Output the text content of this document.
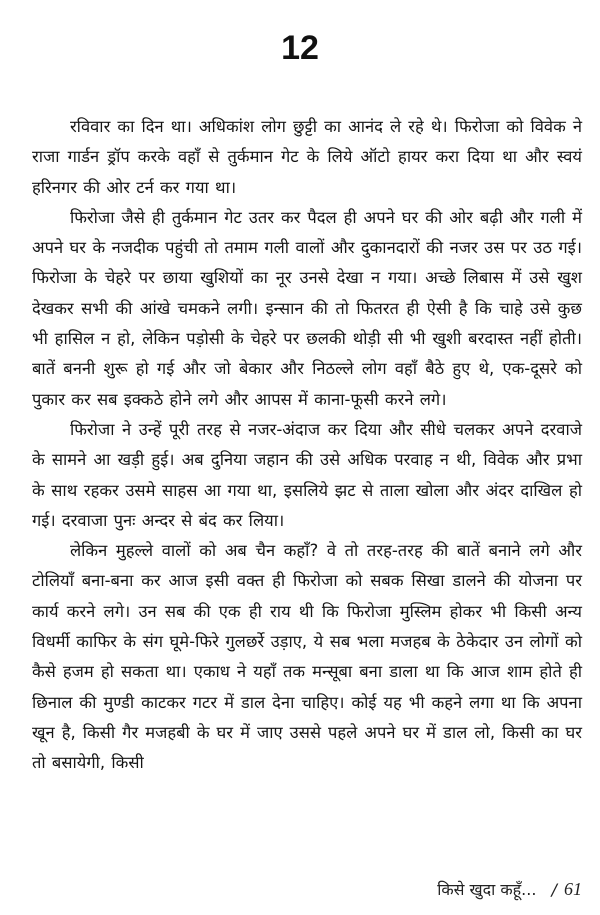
12

रविवार का दिन था। अधिकांश लोग छुट्टी का आनंद ले रहे थे। फिरोजा को विवेक ने राजा गार्डन ड्रॉप करके वहाँ से तुर्कमान गेट के लिये ऑटो हायर करा दिया था और स्वयं हरिनगर की ओर टर्न कर गया था।

फिरोजा जैसे ही तुर्कमान गेट उतर कर पैदल ही अपने घर की ओर बढ़ी और गली में अपने घर के नजदीक पहुंची तो तमाम गली वालों और दुकानदारों की नजर उस पर उठ गई। फिरोजा के चेहरे पर छाया खुशियों का नूर उनसे देखा न गया। अच्छे लिबास में उसे खुश देखकर सभी की आंखे चमकने लगी। इन्सान की तो फितरत ही ऐसी है कि चाहे उसे कुछ भी हासिल न हो, लेकिन पड़ोसी के चेहरे पर छलकी थोड़ी सी भी खुशी बरदास्त नहीं होती। बातें बननी शुरू हो गई और जो बेकार और निठल्ले लोग वहाँ बैठे हुए थे, एक-दूसरे को पुकार कर सब इक्कठे होने लगे और आपस में काना-फूसी करने लगे।

फिरोजा ने उन्हें पूरी तरह से नजर-अंदाज कर दिया और सीधे चलकर अपने दरवाजे के सामने आ खड़ी हुई। अब दुनिया जहान की उसे अधिक परवाह न थी, विवेक और प्रभा के साथ रहकर उसमे साहस आ गया था, इसलिये झट से ताला खोला और अंदर दाखिल हो गई। दरवाजा पुनः अन्दर से बंद कर लिया।

लेकिन मुहल्ले वालों को अब चैन कहाँ? वे तो तरह-तरह की बातें बनाने लगे और टोलियाँ बना-बना कर आज इसी वक्त ही फिरोजा को सबक सिखा डालने की योजना पर कार्य करने लगे। उन सब की एक ही राय थी कि फिरोजा मुस्लिम होकर भी किसी अन्य विधर्मी काफिर के संग घूमे-फिरे गुलछर्रे उड़ाए, ये सब भला मजहब के ठेकेदार उन लोगों को कैसे हजम हो सकता था। एकाध ने यहाँ तक मन्सूबा बना डाला था कि आज शाम होते ही छिनाल की मुण्डी काटकर गटर में डाल देना चाहिए। कोई यह भी कहने लगा था कि अपना खून है, किसी गैर मजहबी के घर में जाए उससे पहले अपने घर में डाल लो, किसी का घर तो बसायेगी, किसी

किसे खुदा कहूँ... / 61
